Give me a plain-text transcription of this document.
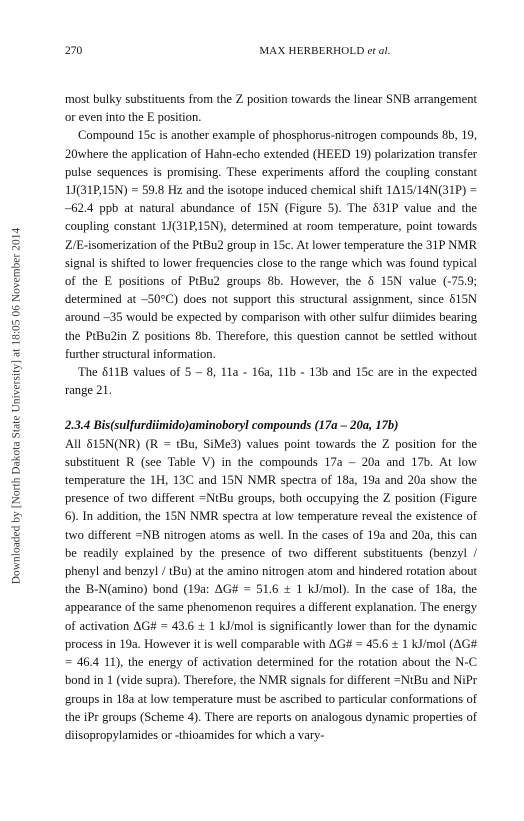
Downloaded by [North Dakota State University] at 18:05 06 November 2014
270	MAX HERBERHOLD et al.

most bulky substituents from the Z position towards the linear SNB arrangement or even into the E position.

Compound 15c is another example of phosphorus-nitrogen compounds 8b, 19, 20where the application of Hahn-echo extended (HEED 19) polarization transfer pulse sequences is promising. These experiments afford the coupling constant 1J(31P,15N) = 59.8 Hz and the isotope induced chemical shift 1Δ15/14N(31P) = –62.4 ppb at natural abundance of 15N (Figure 5). The δ31P value and the coupling constant 1J(31P,15N), determined at room temperature, point towards Z/E-isomerization of the PtBu2 group in 15c. At lower temperature the 31P NMR signal is shifted to lower frequencies close to the range which was found typical of the E positions of PtBu2 groups 8b. However, the δ 15N value (-75.9; determined at –50°C) does not support this structural assignment, since δ15N around –35 would be expected by comparison with other sulfur diimides bearing the PtBu2in Z positions 8b. Therefore, this question cannot be settled without further structural information.

The δ11B values of 5 – 8, 11a - 16a, 11b - 13b and 15c are in the expected range 21.

2.3.4 Bis(sulfurdiimido)aminoboryl compounds (17a – 20a, 17b)

All δ15N(NR) (R = tBu, SiMe3) values point towards the Z position for the substituent R (see Table V) in the compounds 17a – 20a and 17b. At low temperature the 1H, 13C and 15N NMR spectra of 18a, 19a and 20a show the presence of two different =NtBu groups, both occupying the Z position (Figure 6). In addition, the 15N NMR spectra at low temperature reveal the existence of two different =NB nitrogen atoms as well. In the cases of 19a and 20a, this can be readily explained by the presence of two different substituents (benzyl / phenyl and benzyl / tBu) at the amino nitrogen atom and hindered rotation about the B-N(amino) bond (19a: ΔG# = 51.6 ± 1 kJ/mol). In the case of 18a, the appearance of the same phenomenon requires a different explanation. The energy of activation ΔG# = 43.6 ± 1 kJ/mol is significantly lower than for the dynamic process in 19a. However it is well comparable with ΔG# = 45.6 ± 1 kJ/mol (ΔG# = 46.4 11), the energy of activation determined for the rotation about the N-C bond in 1 (vide supra). Therefore, the NMR signals for different =NtBu and NiPr groups in 18a at low temperature must be ascribed to particular conformations of the iPr groups (Scheme 4). There are reports on analogous dynamic properties of diisopropylamides or -thioamides for which a vary-
